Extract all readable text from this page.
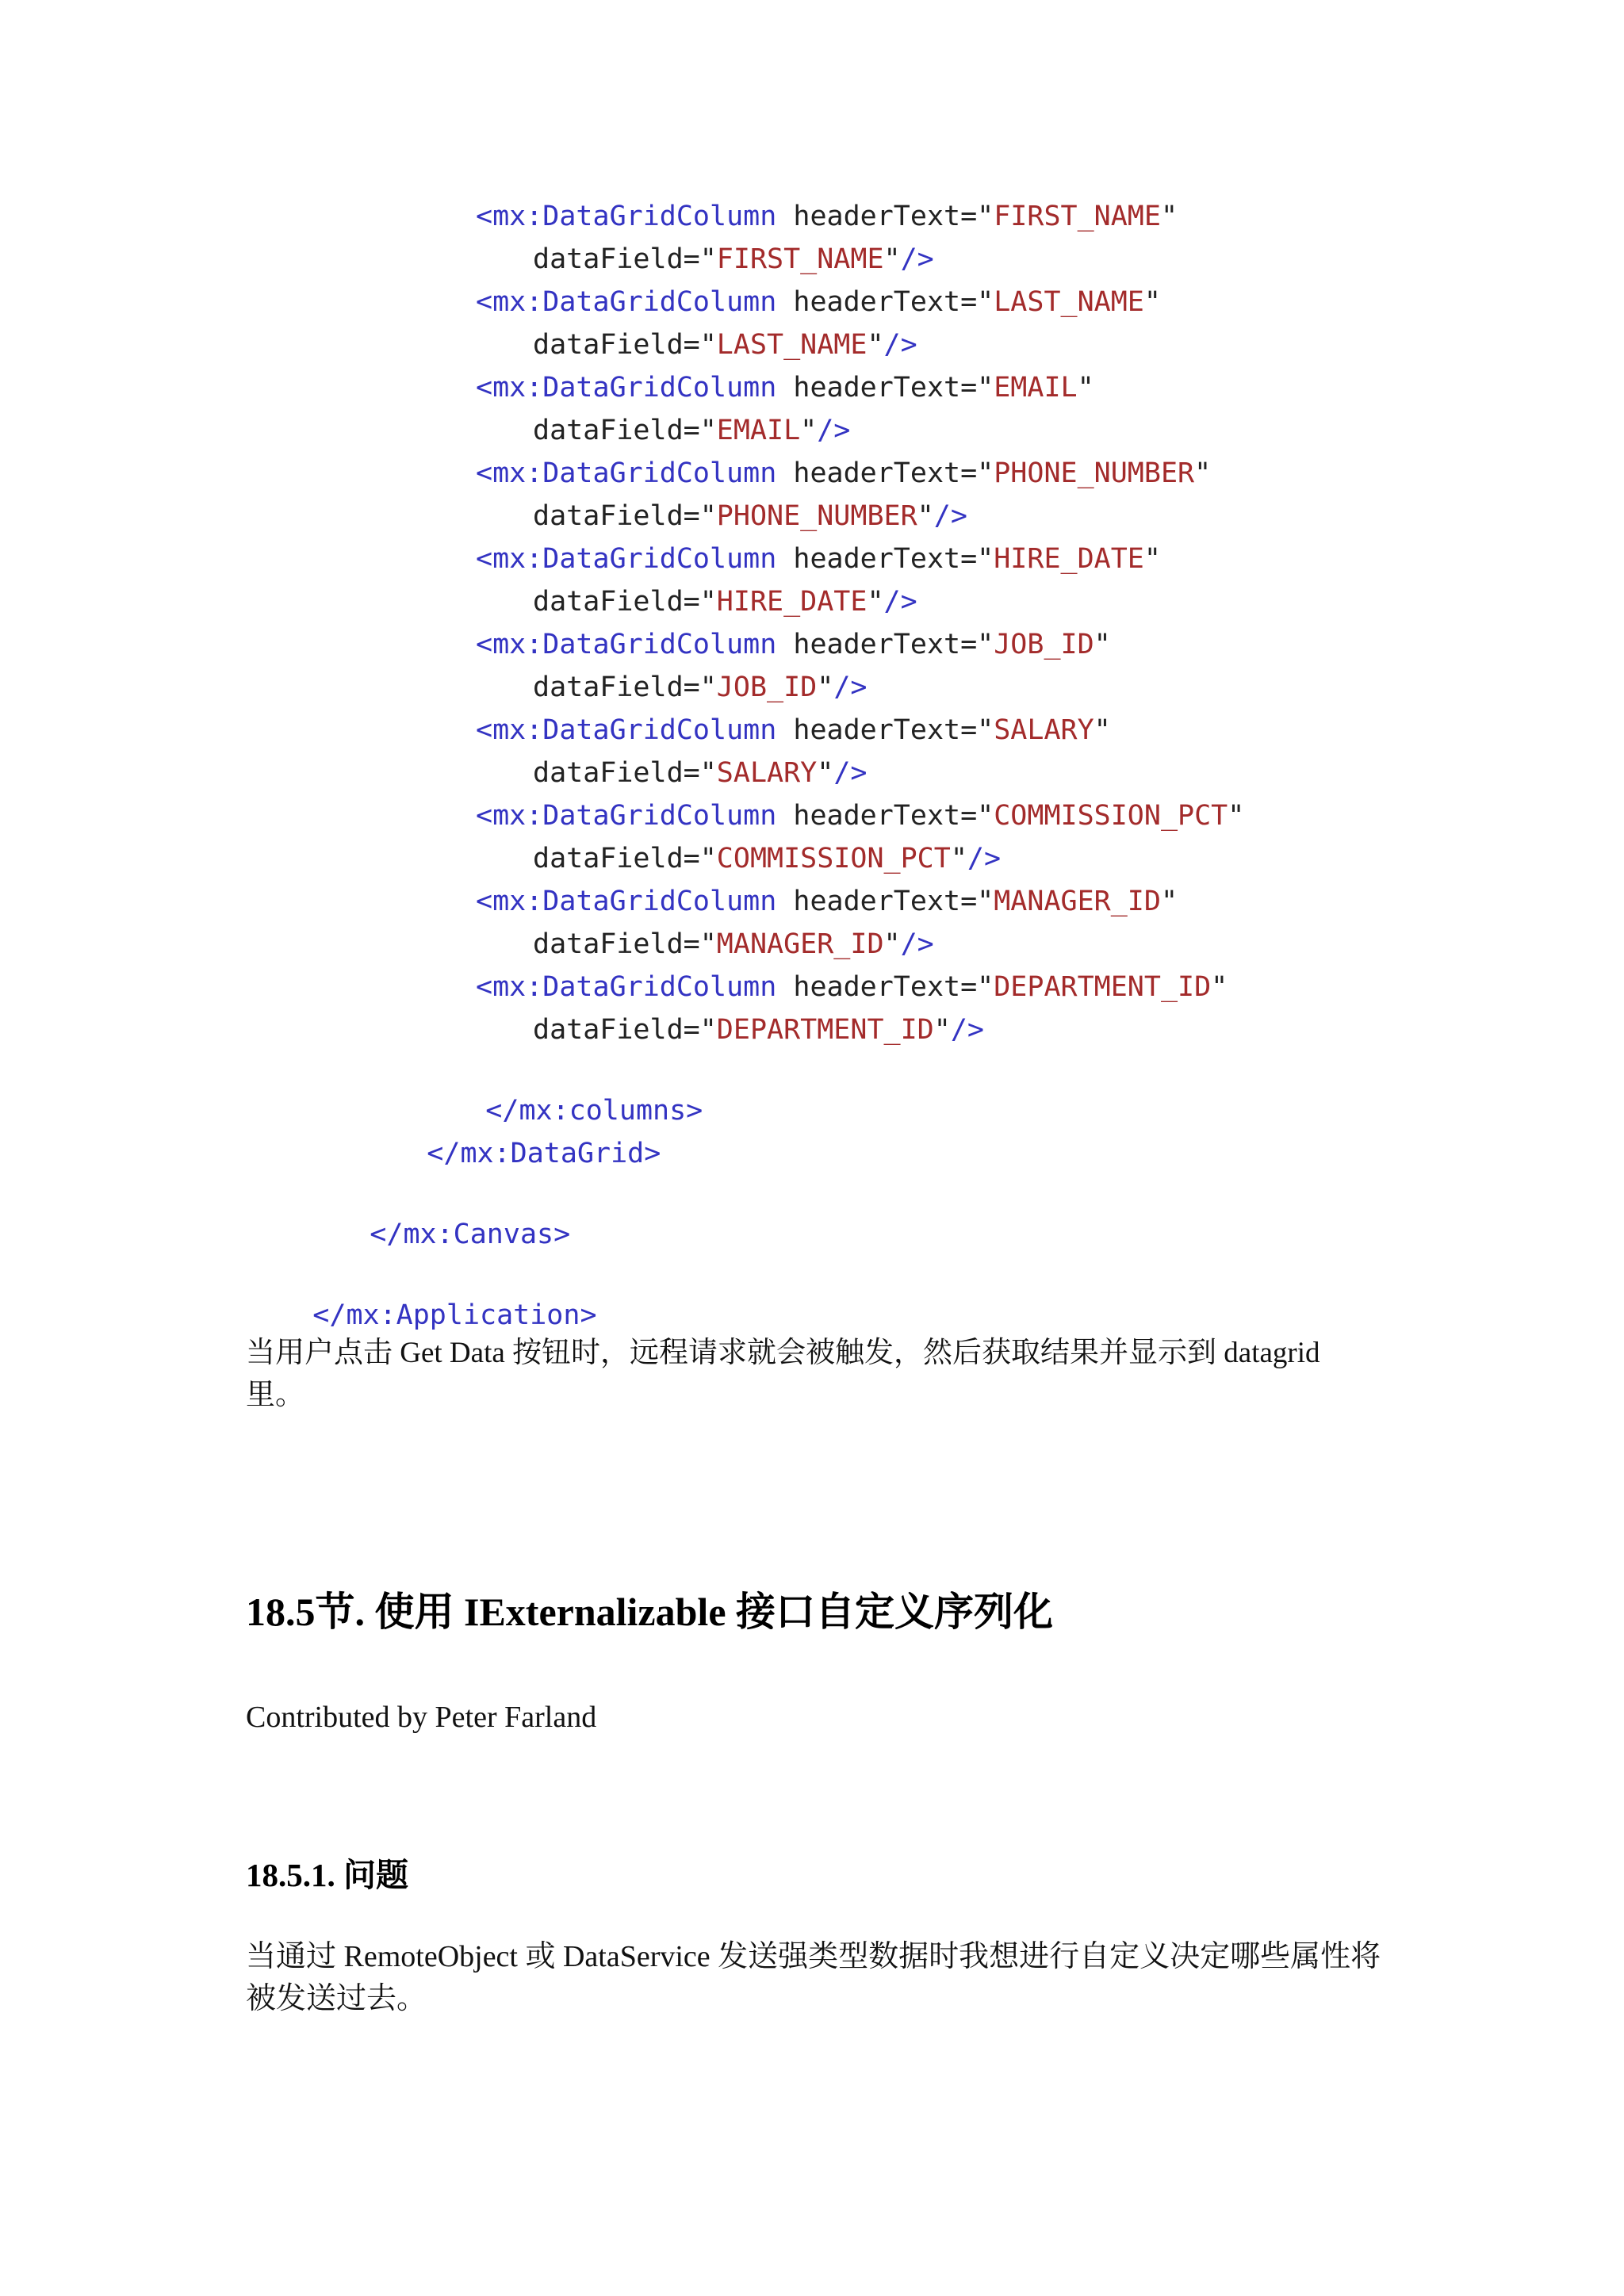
<mx:DataGridColumn headerText="FIRST_NAME"
dataField="FIRST_NAME"/>
<mx:DataGridColumn headerText="LAST_NAME"
dataField="LAST_NAME"/>
<mx:DataGridColumn headerText="EMAIL"
dataField="EMAIL"/>
<mx:DataGridColumn headerText="PHONE_NUMBER"
dataField="PHONE_NUMBER"/>
<mx:DataGridColumn headerText="HIRE_DATE"
dataField="HIRE_DATE"/>
<mx:DataGridColumn headerText="JOB_ID"
dataField="JOB_ID"/>
<mx:DataGridColumn headerText="SALARY"
dataField="SALARY"/>
<mx:DataGridColumn headerText="COMMISSION_PCT"
dataField="COMMISSION_PCT"/>
<mx:DataGridColumn headerText="MANAGER_ID"
dataField="MANAGER_ID"/>
<mx:DataGridColumn headerText="DEPARTMENT_ID"
dataField="DEPARTMENT_ID"/>

</mx:columns>

</mx:DataGrid>

</mx:Canvas>

</mx:Application>

当用户点击 Get Data 按钮时，远程请求就会被触发，然后获取结果并显示到 datagrid 里。
18.5节. 使用 IExternalizable 接口自定义序列化
Contributed by Peter Farland
18.5.1. 问题
当通过 RemoteObject 或 DataService 发送强类型数据时我想进行自定义决定哪些属性将被发送过去。
